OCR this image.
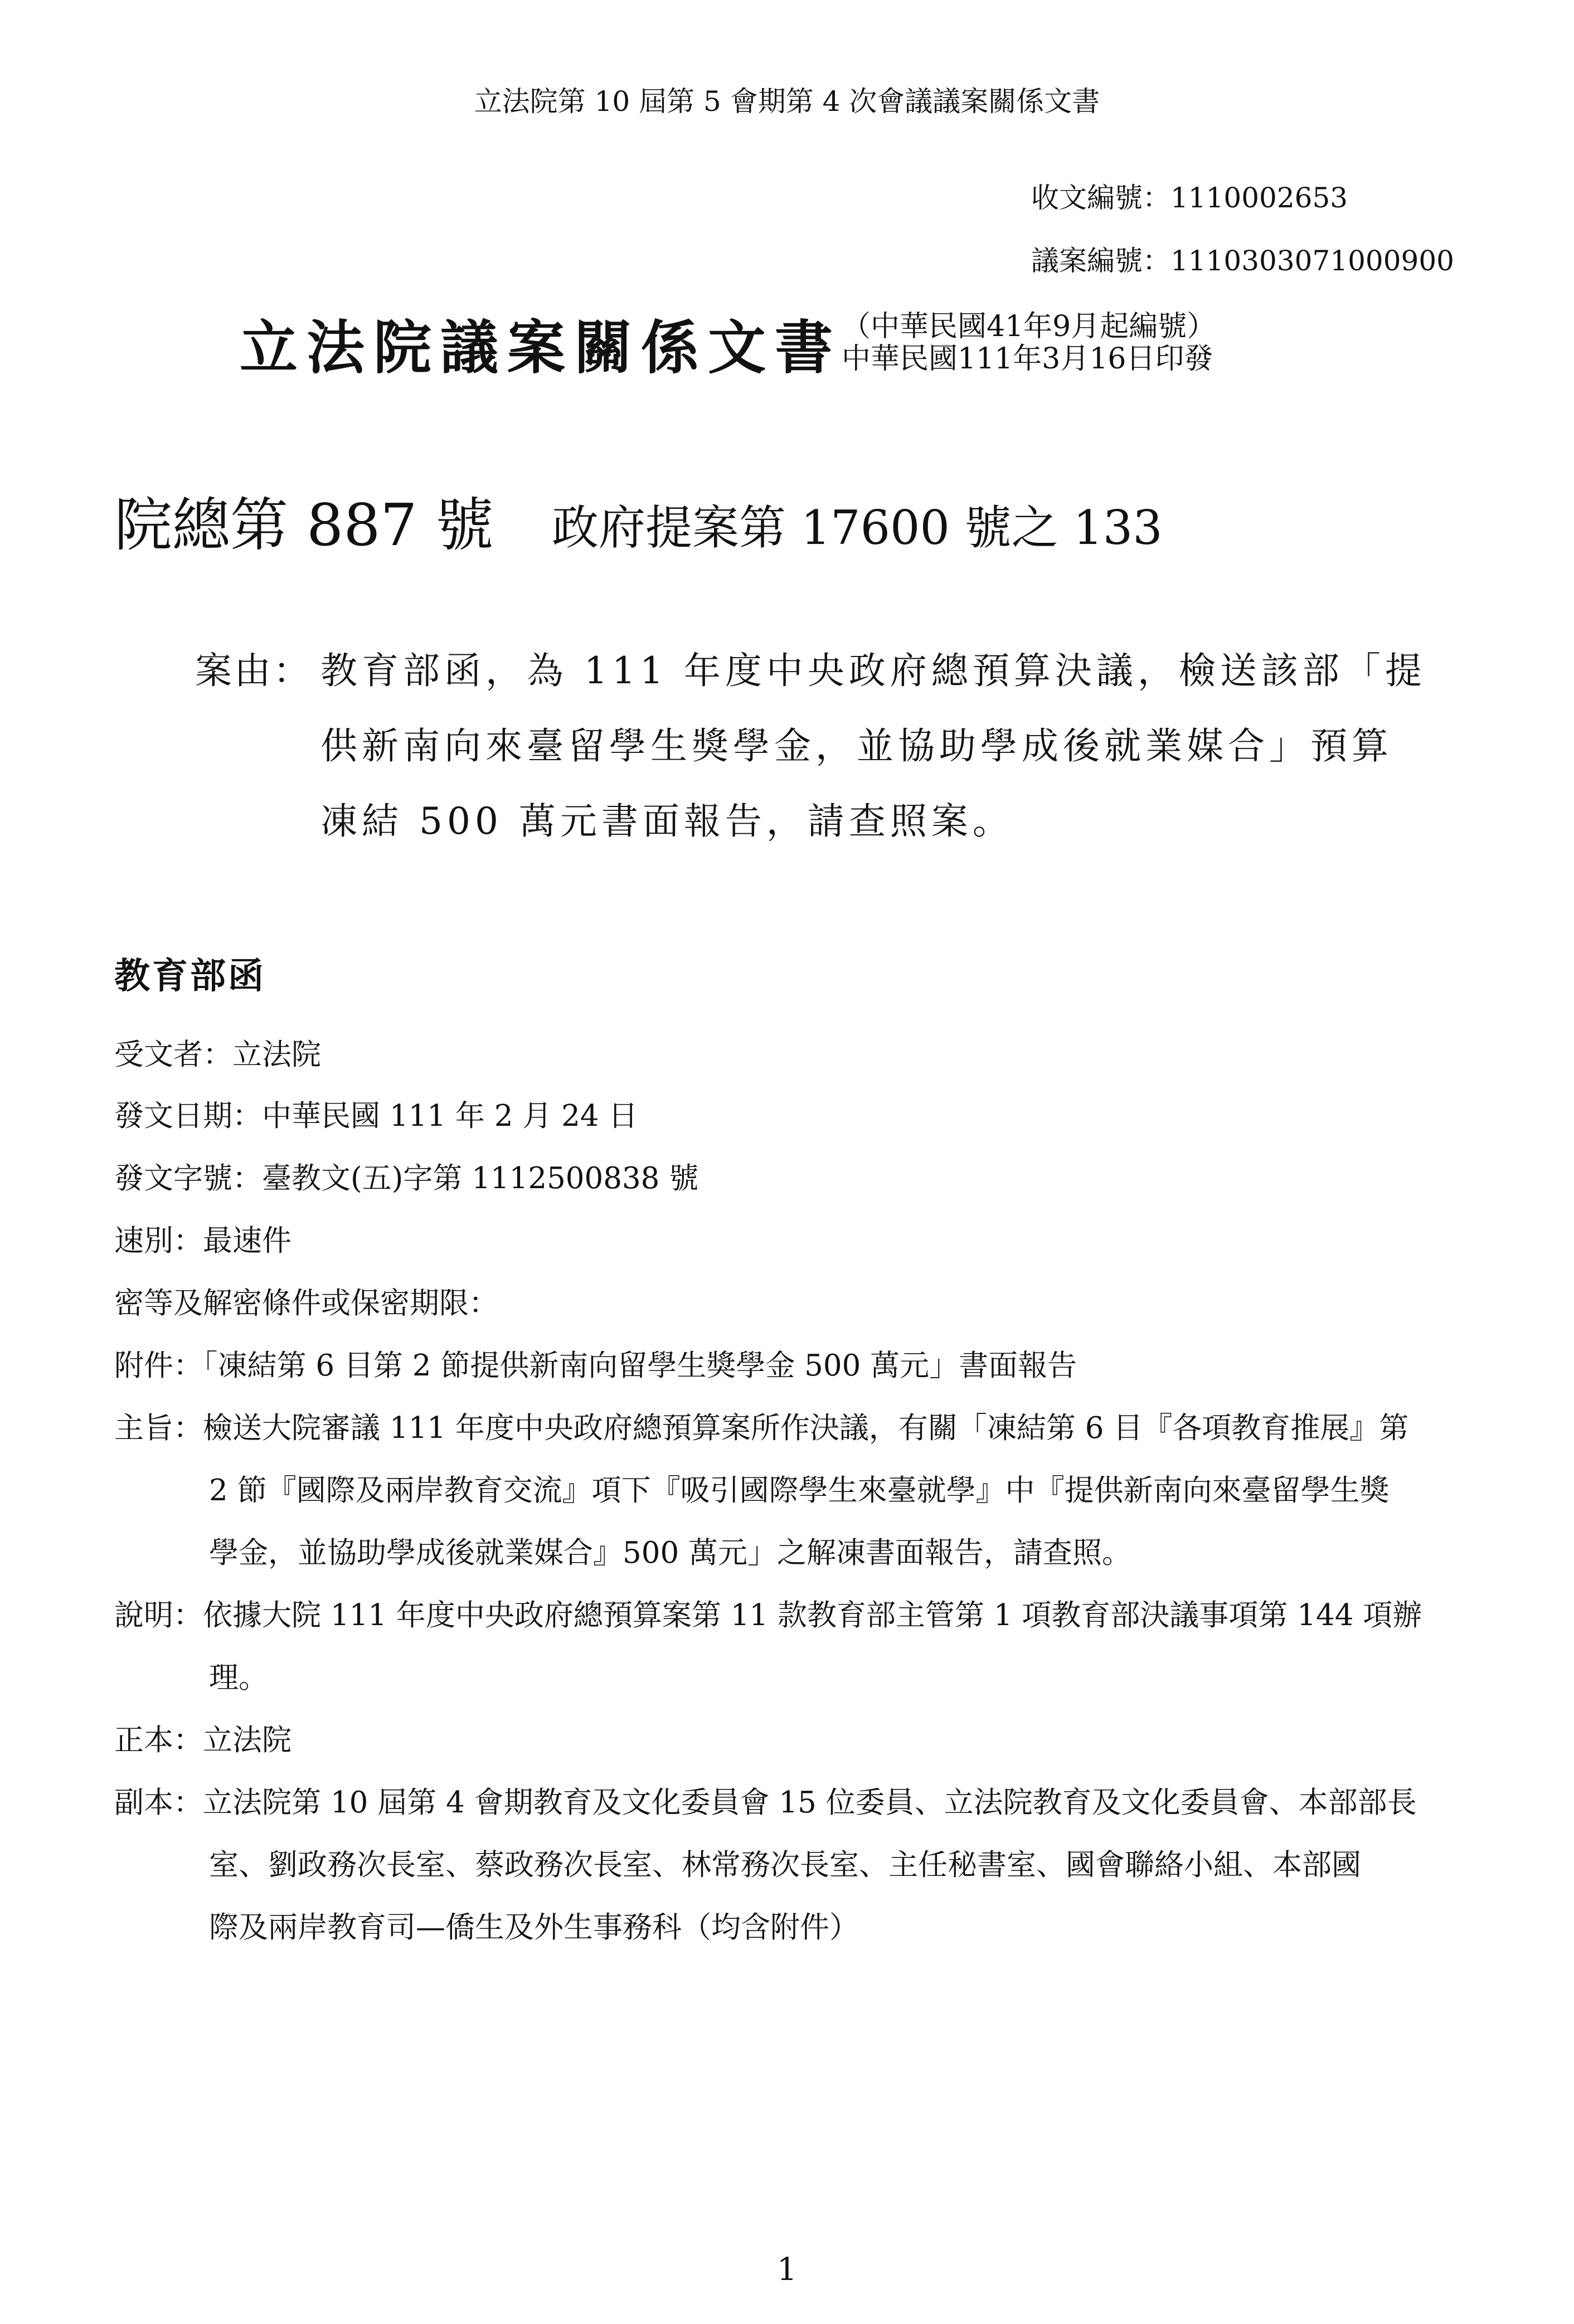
立法院第 10 屆第 5 會期第 4 次會議議案關係文書
收文編號：1110002653
議案編號：1110303071000900
立法院議案關係文書 （中華民國41年9月起編號）
中華民國111年3月16日印發
院總第 887 號 政府提案第 17600 號之 133
案由： 教育部函，為 111 年度中央政府總預算決議，檢送該部「提
供新南向來臺留學生獎學金，並協助學成後就業媒合」預算
凍結 500 萬元書面報告，請查照案。
教育部函
受文者：立法院
發文日期：中華民國 111 年 2 月 24 日
發文字號：臺教文(五)字第 1112500838 號
速別：最速件
密等及解密條件或保密期限：
附件：「凍結第 6 目第 2 節提供新南向留學生獎學金 500 萬元」書面報告
主旨：檢送大院審議 111 年度中央政府總預算案所作決議，有關「凍結第 6 目『各項教育推展』第
2 節『國際及兩岸教育交流』項下『吸引國際學生來臺就學』中『提供新南向來臺留學生獎
學金，並協助學成後就業媒合』500 萬元」之解凍書面報告，請查照。
說明：依據大院 111 年度中央政府總預算案第 11 款教育部主管第 1 項教育部決議事項第 144 項辦
理。
正本：立法院
副本：立法院第 10 屆第 4 會期教育及文化委員會 15 位委員、立法院教育及文化委員會、本部部長
室、劉政務次長室、蔡政務次長室、林常務次長室、主任秘書室、國會聯絡小組、本部國
際及兩岸教育司—僑生及外生事務科（均含附件）
1
